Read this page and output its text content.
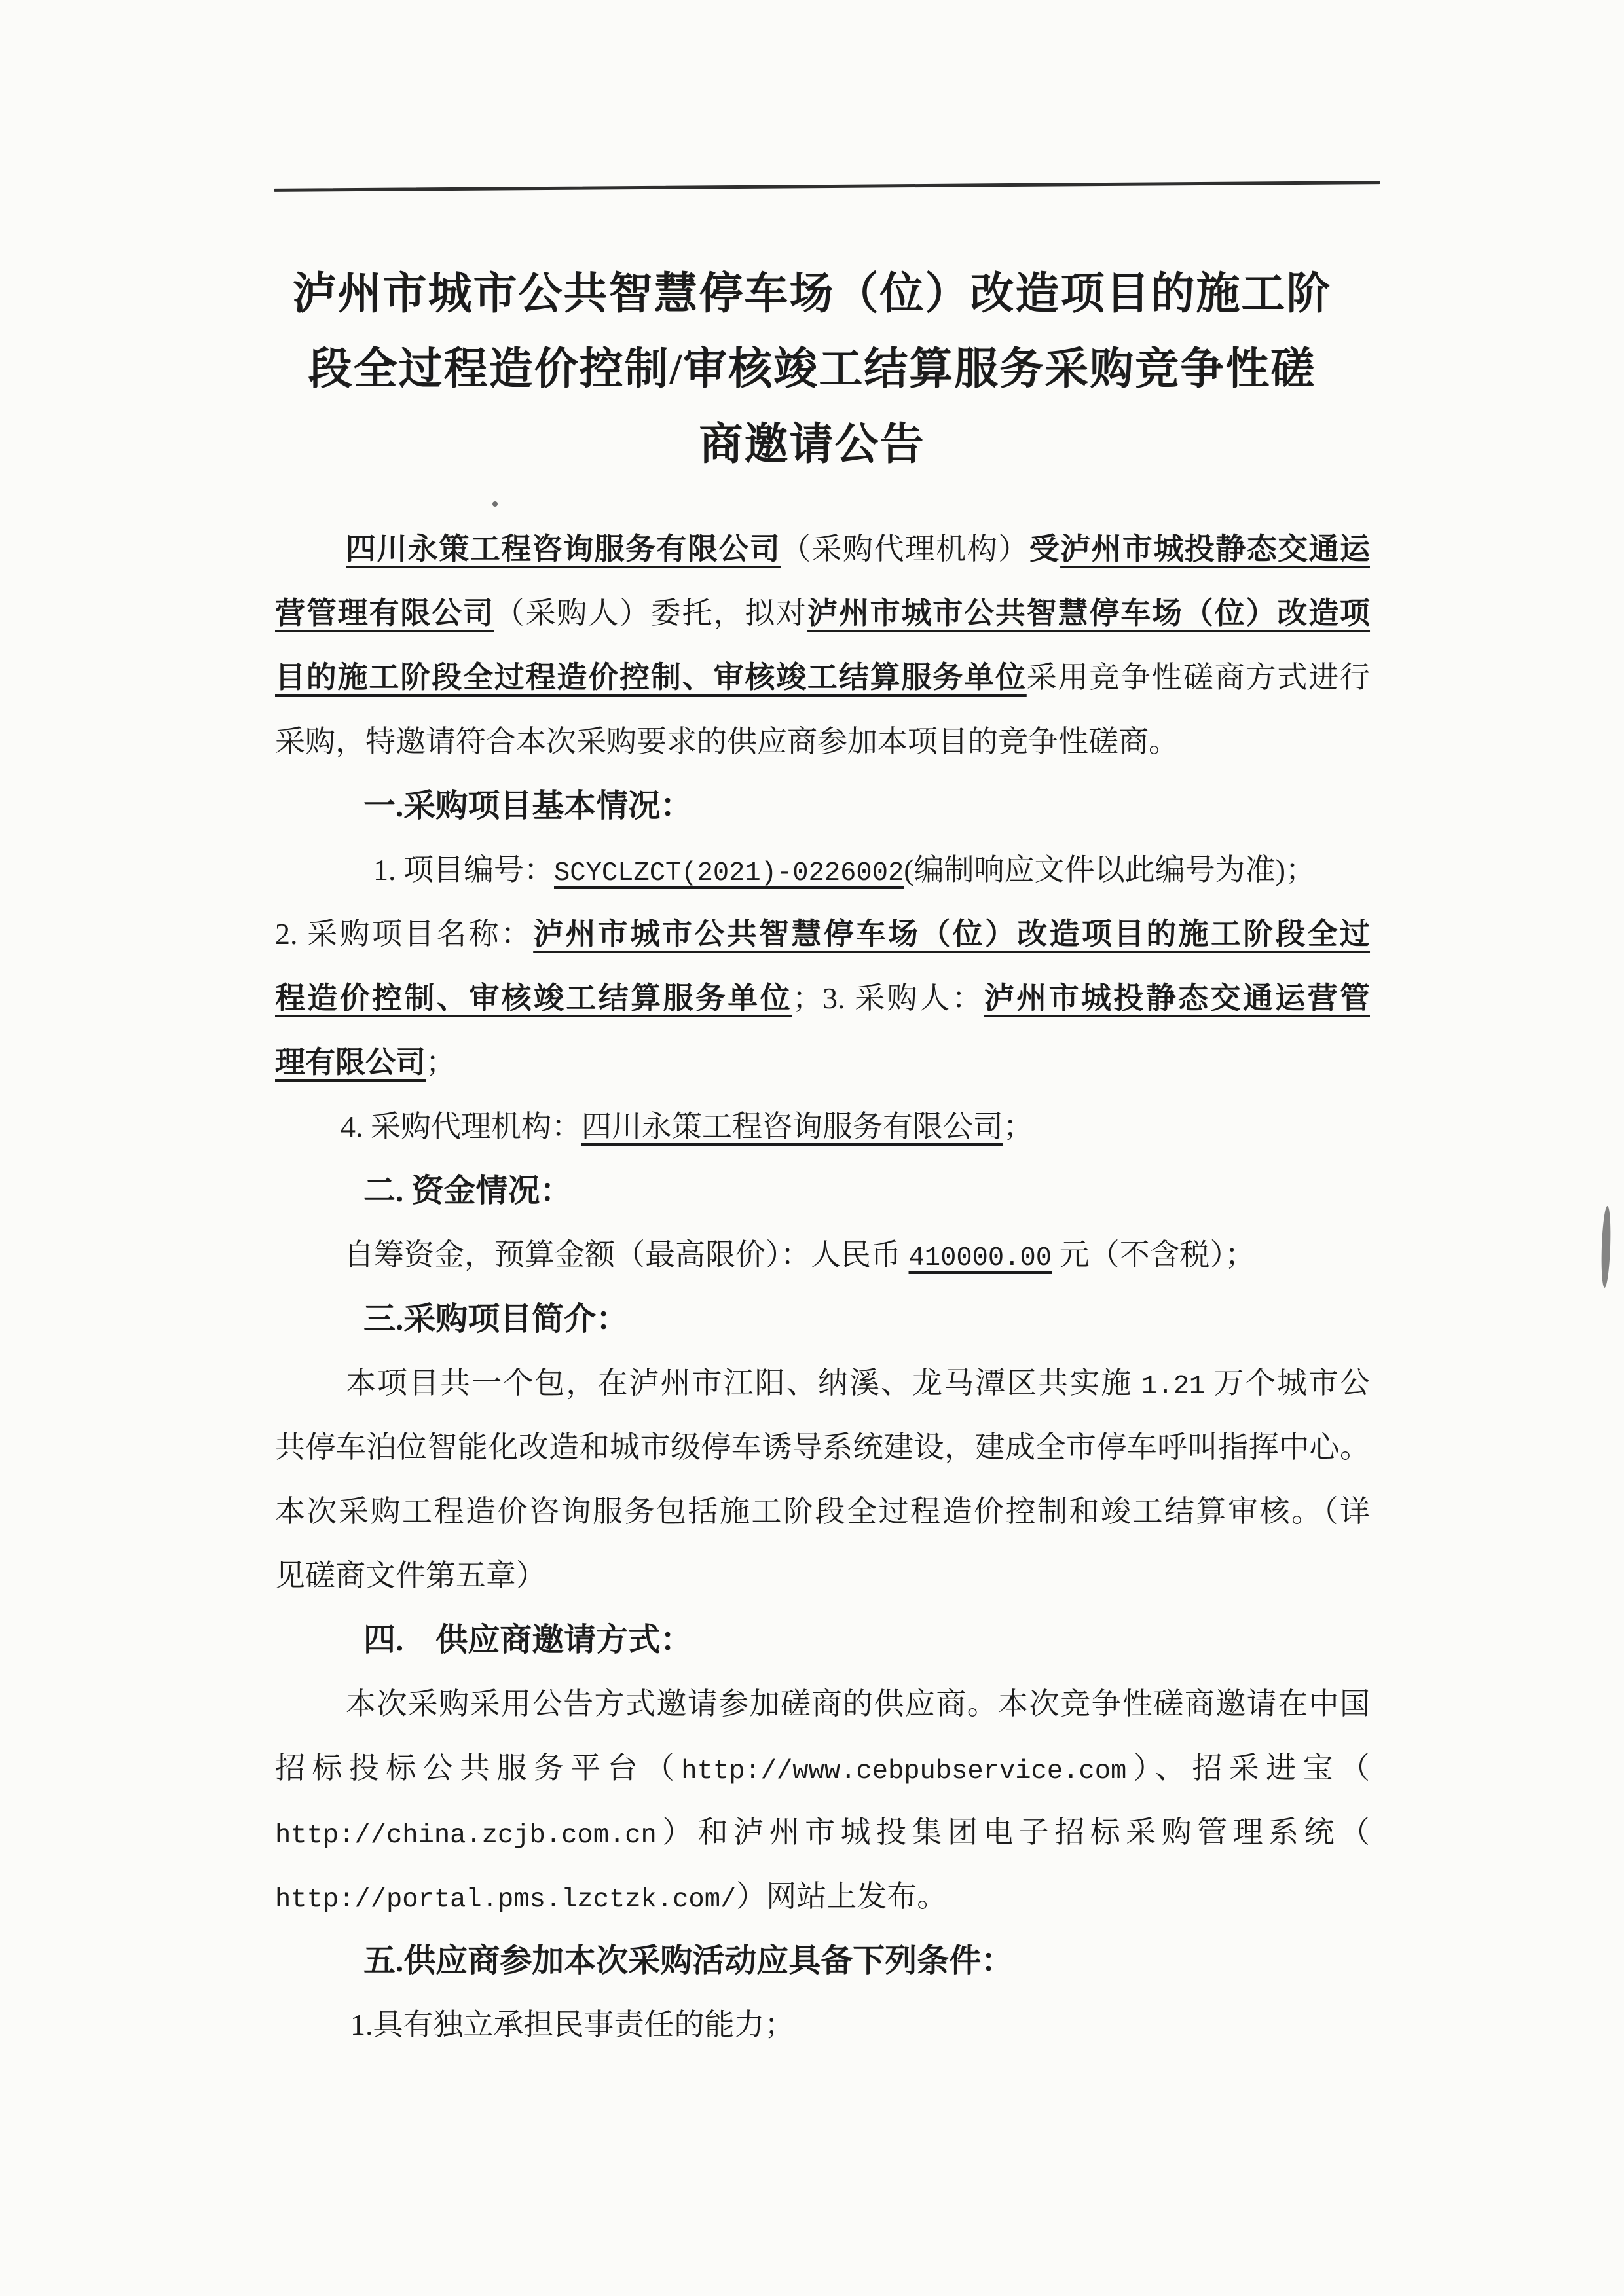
泸州市城市公共智慧停车场（位）改造项目的施工阶
段全过程造价控制/审核竣工结算服务采购竞争性磋
商邀请公告
四川永策工程咨询服务有限公司（采购代理机构）受泸州市城投静态交通运
营管理有限公司（采购人）委托，拟对泸州市城市公共智慧停车场（位）改造项
目的施工阶段全过程造价控制、审核竣工结算服务单位采用竞争性磋商方式进行
采购，特邀请符合本次采购要求的供应商参加本项目的竞争性磋商。
一.采购项目基本情况：
1. 项目编号：SCYCLZCT(2021)-0226002(编制响应文件以此编号为准)；
2. 采购项目名称：泸州市城市公共智慧停车场（位）改造项目的施工阶段全过
程造价控制、审核竣工结算服务单位；3. 采购人：泸州市城投静态交通运营管
理有限公司；
4. 采购代理机构：四川永策工程咨询服务有限公司；
二. 资金情况：
自筹资金，预算金额（最高限价）：人民币 410000.00 元（不含税）；
三.采购项目简介：
本项目共一个包，在泸州市江阳、纳溪、龙马潭区共实施 1.21 万个城市公
共停车泊位智能化改造和城市级停车诱导系统建设，建成全市停车呼叫指挥中心。
本次采购工程造价咨询服务包括施工阶段全过程造价控制和竣工结算审核。（详
见磋商文件第五章）
四.　供应商邀请方式：
本次采购采用公告方式邀请参加磋商的供应商。本次竞争性磋商邀请在中国
招标投标公共服务平台（http://www.cebpubservice.com）、招采进宝（
http://china.zcjb.com.cn）和泸州市城投集团电子招标采购管理系统（
http://portal.pms.lzctzk.com/）网站上发布。
五.供应商参加本次采购活动应具备下列条件：
1.具有独立承担民事责任的能力；
